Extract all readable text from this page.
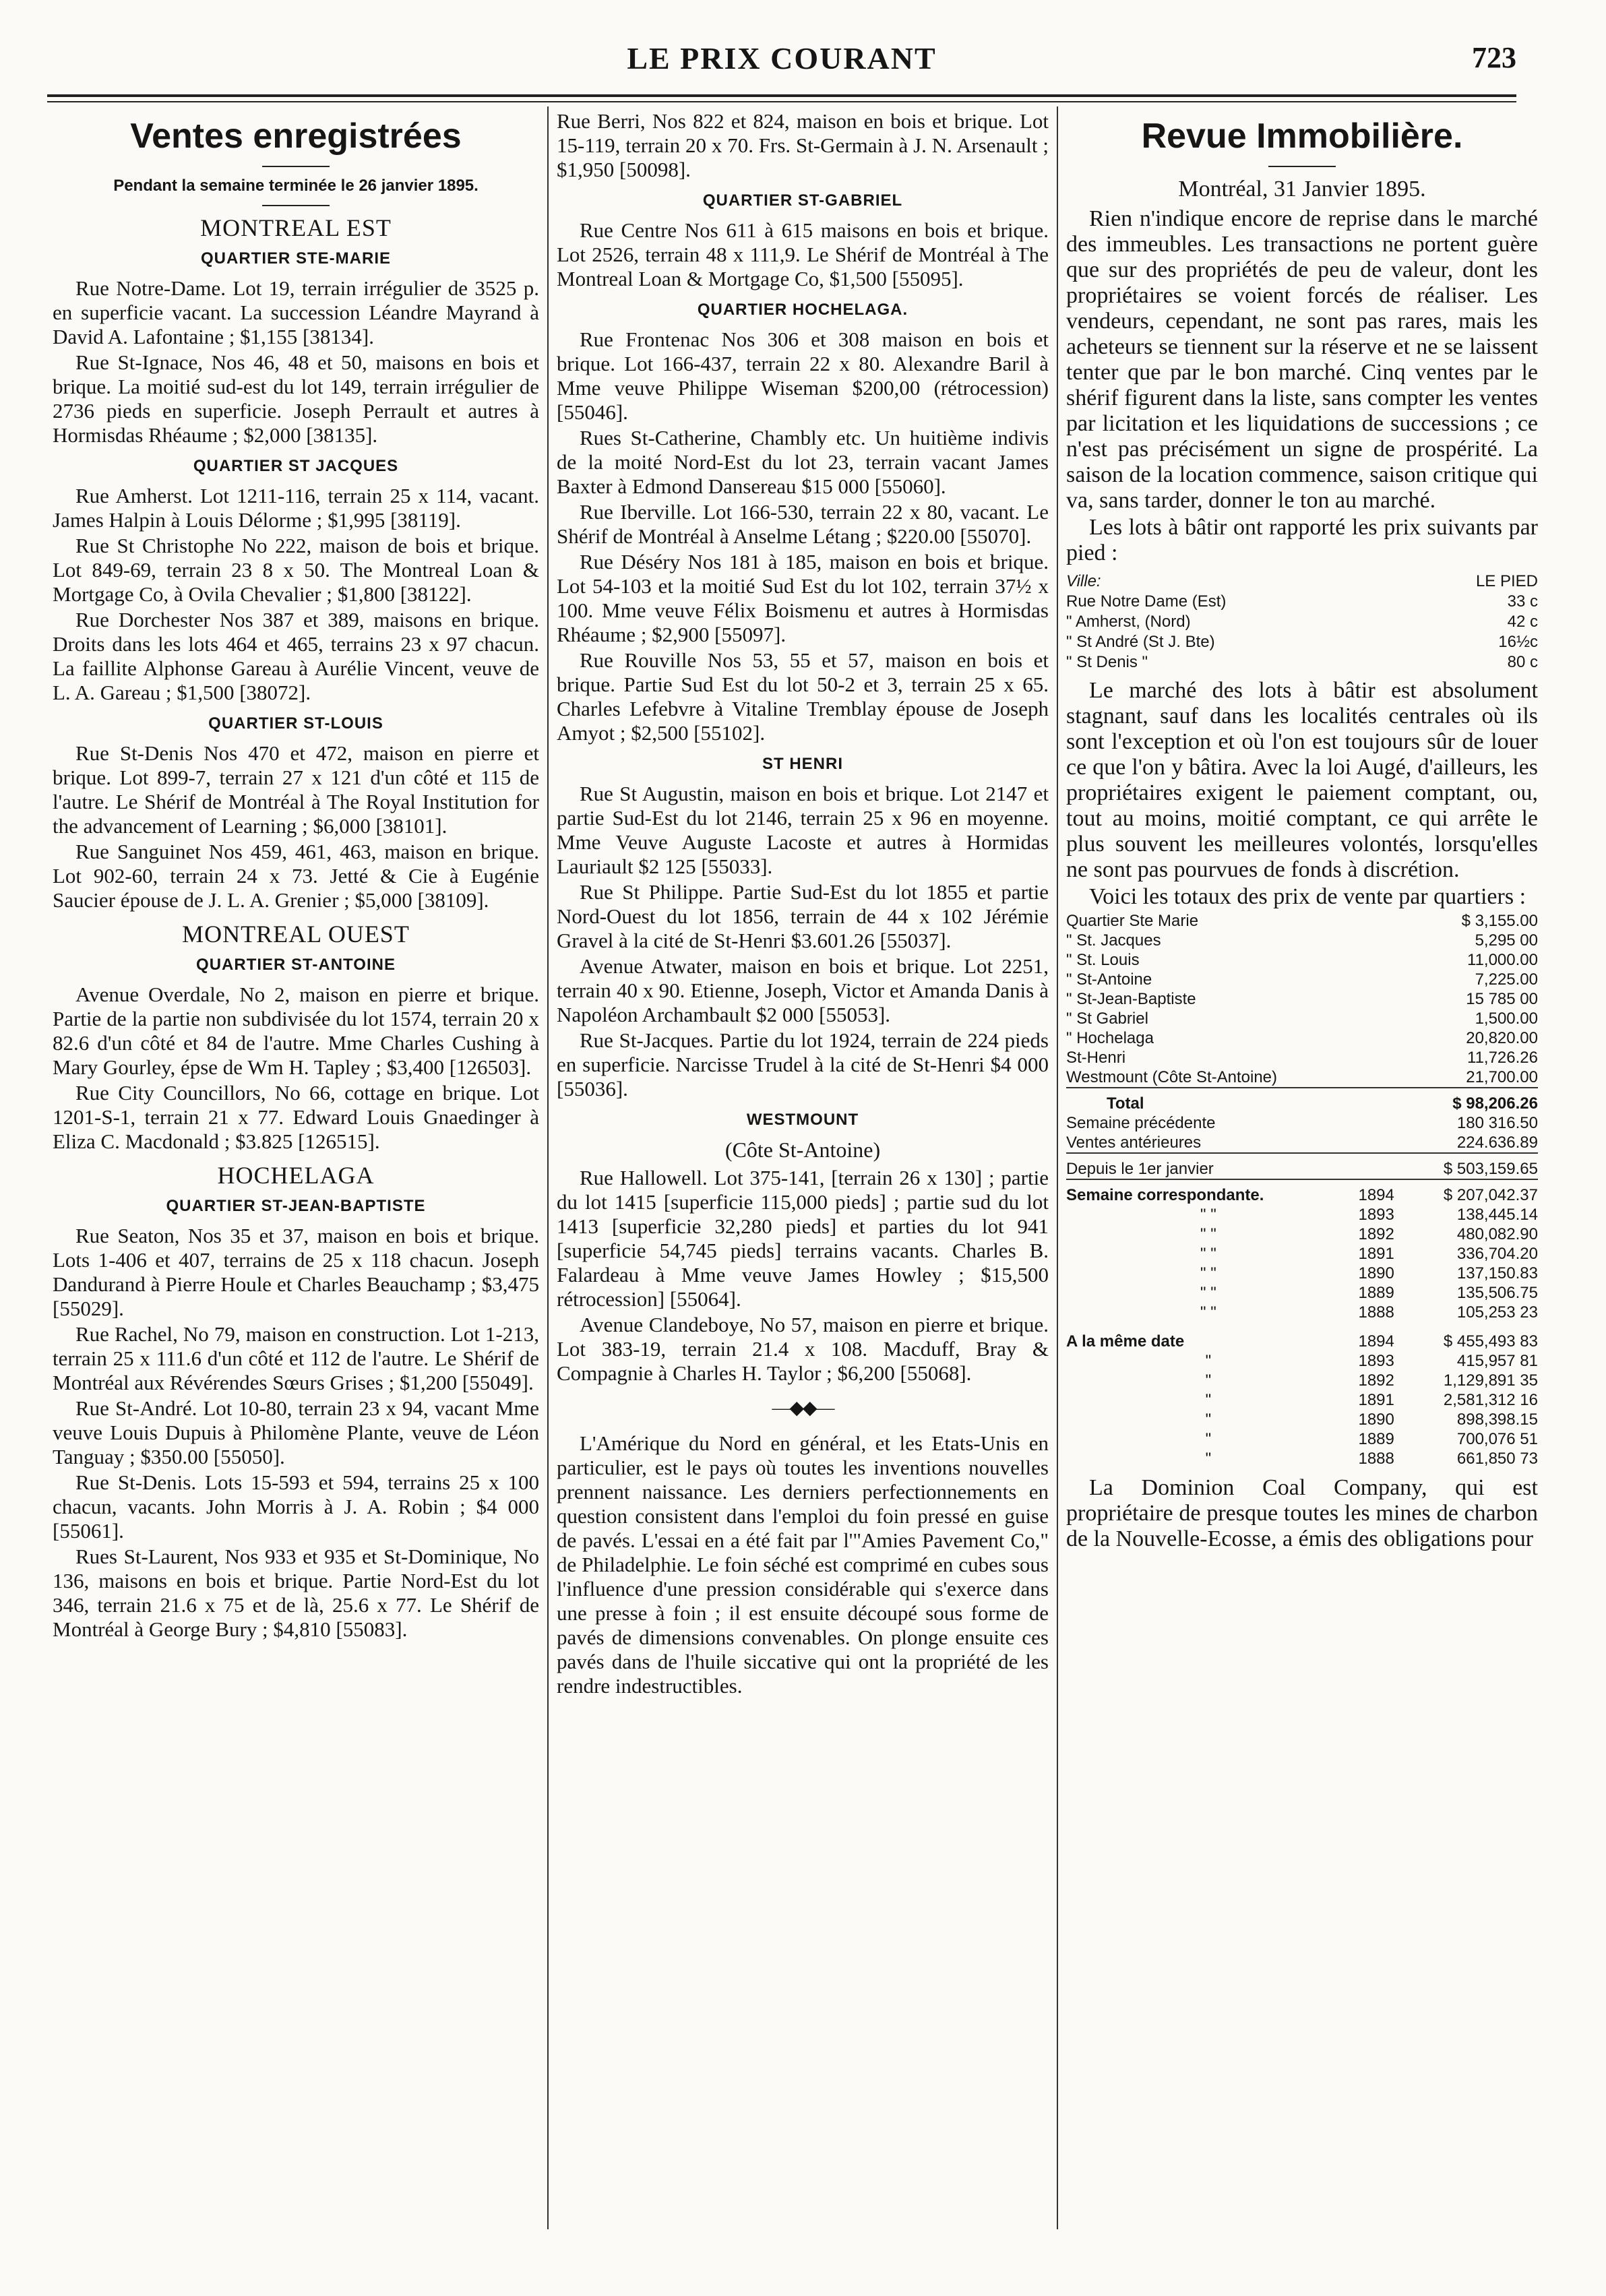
LE PRIX COURANT	723
Ventes enregistrées
Pendant la semaine terminée le 26 janvier 1895.
MONTREAL EST
QUARTIER STE-MARIE

Rue Notre-Dame. Lot 19, terrain irrégulier de 3525 p. en superficie vacant. La succession Léandre Mayrand à David A. Lafontaine ; $1,155 [38134].

Rue St-Ignace, Nos 46, 48 et 50, maisons en bois et brique. La moitié sud-est du lot 149, terrain irrégulier de 2736 pieds en superficie. Joseph Perrault et autres à Hormisdas Rhéaume ; $2,000 [38135].

QUARTIER ST JACQUES

Rue Amherst. Lot 1211-116, terrain 25 x 114, vacant. James Halpin à Louis Délorme ; $1,995 [38119].

Rue St Christophe No 222, maison de bois et brique. Lot 849-69, terrain 23 8 x 50. The Montreal Loan & Mortgage Co, à Ovila Chevalier ; $1,800 [38122].

Rue Dorchester Nos 387 et 389, maisons en brique. Droits dans les lots 464 et 465, terrains 23 x 97 chacun. La faillite Alphonse Gareau à Aurélie Vincent, veuve de L. A. Gareau ; $1,500 [38072].

QUARTIER ST-LOUIS

Rue St-Denis Nos 470 et 472, maison en pierre et brique. Lot 899-7, terrain 27 x 121 d'un côté et 115 de l'autre. Le Shérif de Montréal à The Royal Institution for the advancement of Learning ; $6,000 [38101].

Rue Sanguinet Nos 459, 461, 463, maison en brique. Lot 902-60, terrain 24 x 73. Jetté & Cie à Eugénie Saucier épouse de J. L. A. Grenier ; $5,000 [38109].

MONTREAL OUEST
QUARTIER ST-ANTOINE

Avenue Overdale, No 2, maison en pierre et brique. Partie de la partie non subdivisée du lot 1574, terrain 20 x 82.6 d'un côté et 84 de l'autre. Mme Charles Cushing à Mary Gourley, épse de Wm H. Tapley ; $3,400 [126503].

Rue City Councillors, No 66, cottage en brique. Lot 1201-S-1, terrain 21 x 77. Edward Louis Gnaedinger à Eliza C. Macdonald ; $3.825 [126515].

HOCHELAGA
QUARTIER ST-JEAN-BAPTISTE

Rue Seaton, Nos 35 et 37, maison en bois et brique. Lots 1-406 et 407, terrains de 25 x 118 chacun. Joseph Dandurand à Pierre Houle et Charles Beauchamp ; $3,475 [55029].

Rue Rachel, No 79, maison en construction. Lot 1-213, terrain 25 x 111.6 d'un côté et 112 de l'autre. Le Shérif de Montréal aux Révérendes Sœurs Grises ; $1,200 [55049].

Rue St-André. Lot 10-80, terrain 23 x 94, vacant Mme veuve Louis Dupuis à Philomène Plante, veuve de Léon Tanguay ; $350.00 [55050].

Rue St-Denis. Lots 15-593 et 594, terrains 25 x 100 chacun, vacants. John Morris à J. A. Robin ; $4 000 [55061].

Rues St-Laurent, Nos 933 et 935 et St-Dominique, No 136, maisons en bois et brique. Partie Nord-Est du lot 346, terrain 21.6 x 75 et de là, 25.6 x 77. Le Shérif de Montréal à George Bury ; $4,810 [55083].

Rue Berri, Nos 822 et 824, maison en bois et brique. Lot 15-119, terrain 20 x 70. Frs. St-Germain à J. N. Arsenault ; $1,950 [50098].

QUARTIER ST-GABRIEL

Rue Centre Nos 611 à 615 maisons en bois et brique. Lot 2526, terrain 48 x 111,9. Le Shérif de Montréal à The Montreal Loan & Mortgage Co, $1,500 [55095].

QUARTIER HOCHELAGA.

Rue Frontenac Nos 306 et 308 maison en bois et brique. Lot 166-437, terrain 22 x 80. Alexandre Baril à Mme veuve Philippe Wiseman $200,00 (rétrocession) [55046].

Rues St-Catherine, Chambly etc. Un huitième indivis de la moité Nord-Est du lot 23, terrain vacant James Baxter à Edmond Dansereau $15 000 [55060].

Rue Iberville. Lot 166-530, terrain 22 x 80, vacant. Le Shérif de Montréal à Anselme Létang ; $220.00 [55070].

Rue Déséry Nos 181 à 185, maison en bois et brique. Lot 54-103 et la moitié Sud Est du lot 102, terrain 37½ x 100. Mme veuve Félix Boismenu et autres à Hormisdas Rhéaume ; $2,900 [55097].

Rue Rouville Nos 53, 55 et 57, maison en bois et brique. Partie Sud Est du lot 50-2 et 3, terrain 25 x 65. Charles Lefebvre à Vitaline Tremblay épouse de Joseph Amyot ; $2,500 [55102].

ST HENRI

Rue St Augustin, maison en bois et brique. Lot 2147 et partie Sud-Est du lot 2146, terrain 25 x 96 en moyenne. Mme Veuve Auguste Lacoste et autres à Hormidas Lauriault $2 125 [55033].

Rue St Philippe. Partie Sud-Est du lot 1855 et partie Nord-Ouest du lot 1856, terrain de 44 x 102 Jérémie Gravel à la cité de St-Henri $3.601.26 [55037].

Avenue Atwater, maison en bois et brique. Lot 2251, terrain 40 x 90. Etienne, Joseph, Victor et Amanda Danis à Napoléon Archambault $2 000 [55053].

Rue St-Jacques. Partie du lot 1924, terrain de 224 pieds en superficie. Narcisse Trudel à la cité de St-Henri $4 000 [55036].

WESTMOUNT
(Côte St-Antoine)

Rue Hallowell. Lot 375-141, [terrain 26 x 130] ; partie du lot 1415 [superficie 115,000 pieds] ; partie sud du lot 1413 [superficie 32,280 pieds] et parties du lot 941 [superficie 54,745 pieds] terrains vacants. Charles B. Falardeau à Mme veuve James Howley ; $15,500 rétrocession] [55064].

Avenue Clandeboye, No 57, maison en pierre et brique. Lot 383-19, terrain 21.4 x 108. Macduff, Bray & Compagnie à Charles H. Taylor ; $6,200 [55068].

—◆◆—

L'Amérique du Nord en général, et les Etats-Unis en particulier, est le pays où toutes les inventions nouvelles prennent naissance. Les derniers perfectionnements en question consistent dans l'emploi du foin pressé en guise de pavés. L'essai en a été fait par l'"Amies Pavement Co," de Philadelphie. Le foin séché est comprimé en cubes sous l'influence d'une pression considérable qui s'exerce dans une presse à foin ; il est ensuite découpé sous forme de pavés de dimensions convenables. On plonge ensuite ces pavés dans de l'huile siccative qui ont la propriété de les rendre indestructibles.

Revue Immobilière.
Montréal, 31 Janvier 1895.

Rien n'indique encore de reprise dans le marché des immeubles. Les transactions ne portent guère que sur des propriétés de peu de valeur, dont les propriétaires se voient forcés de réaliser. Les vendeurs, cependant, ne sont pas rares, mais les acheteurs se tiennent sur la réserve et ne se laissent tenter que par le bon marché. Cinq ventes par le shérif figurent dans la liste, sans compter les ventes par licitation et les liquidations de successions ; ce n'est pas précisément un signe de prospérité. La saison de la location commence, saison critique qui va, sans tarder, donner le ton au marché.

Les lots à bâtir ont rapporté les prix suivants par pied :

Ville:	LE PIED
Rue Notre Dame (Est)	33 c
" Amherst, (Nord)	42 c
" St André (St J. Bte)	16½c
" St Denis "	80 c

Le marché des lots à bâtir est absolument stagnant, sauf dans les localités centrales où ils sont l'exception et où l'on est toujours sûr de louer ce que l'on y bâtira. Avec la loi Augé, d'ailleurs, les propriétaires exigent le paiement comptant, ou, tout au moins, moitié comptant, ce qui arrête le plus souvent les meilleures volontés, lorsqu'elles ne sont pas pourvues de fonds à discrétion.

Voici les totaux des prix de vente par quartiers :

Quartier Ste Marie		$ 3,155.00
" St. Jacques		5,295 00
" St. Louis		11,000.00
" St-Antoine		7,225.00
" St-Jean-Baptiste		15 785 00
" St Gabriel		1,500.00
" Hochelaga		20,820.00
St-Henri		11,726.26
Westmount (Côte St-Antoine)		21,700.00

Total		$ 98,206.26
Semaine précédente		180 316.50
Ventes antérieures		224.636.89

Depuis le 1er janvier		$ 503,159.65

Semaine correspondante.	1894	$ 207,042.37
" "	1893	138,445.14
" "	1892	480,082.90
" "	1891	336,704.20
" "	1890	137,150.83
" "	1889	135,506.75
" "	1888	105,253 23

A la même date	1894	$ 455,493 83
"	1893	415,957 81
"	1892	1,129,891 35
"	1891	2,581,312 16
"	1890	898,398.15
"	1889	700,076 51
"	1888	661,850 73

La Dominion Coal Company, qui est propriétaire de presque toutes les mines de charbon de la Nouvelle-Ecosse, a émis des obligations pour
